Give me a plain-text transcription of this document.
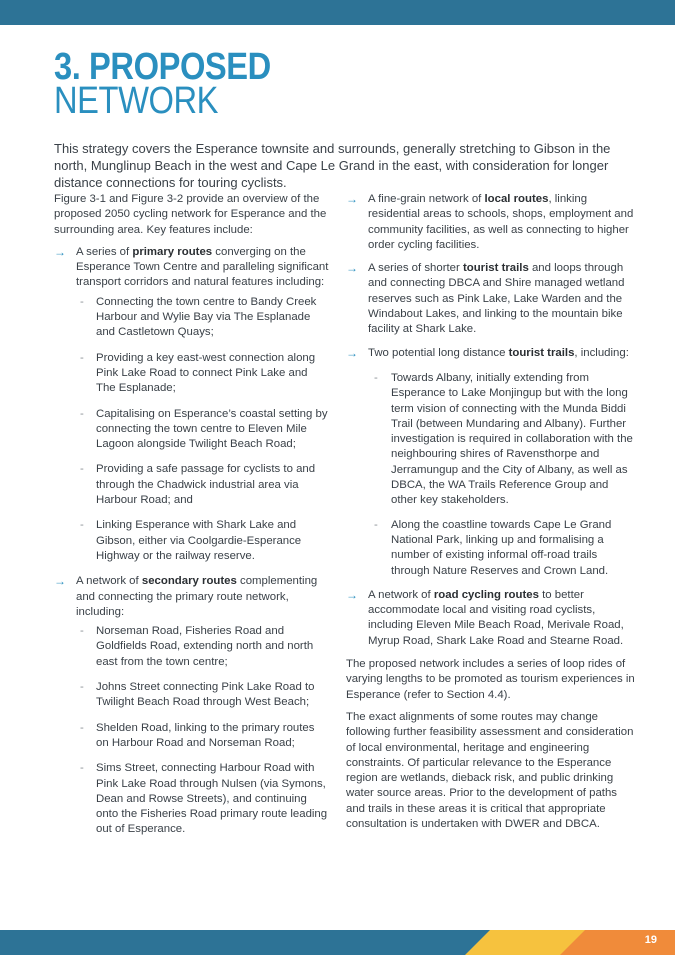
3. PROPOSED
NETWORK

This strategy covers the Esperance townsite and surrounds, generally stretching to Gibson in the north, Munglinup Beach in the west and Cape Le Grand in the east, with consideration for longer distance connections for touring cyclists.

Figure 3-1 and Figure 3-2 provide an overview of the proposed 2050 cycling network for Esperance and the surrounding area. Key features include:

→ A series of primary routes converging on the Esperance Town Centre and paralleling significant transport corridors and natural features including:
- Connecting the town centre to Bandy Creek Harbour and Wylie Bay via The Esplanade and Castletown Quays;
- Providing a key east-west connection along Pink Lake Road to connect Pink Lake and The Esplanade;
- Capitalising on Esperance’s coastal setting by connecting the town centre to Eleven Mile Lagoon alongside Twilight Beach Road;
- Providing a safe passage for cyclists to and through the Chadwick industrial area via Harbour Road; and
- Linking Esperance with Shark Lake and Gibson, either via Coolgardie-Esperance Highway or the railway reserve.
→ A network of secondary routes complementing and connecting the primary route network, including:
- Norseman Road, Fisheries Road and Goldfields Road, extending north and north east from the town centre;
- Johns Street connecting Pink Lake Road to Twilight Beach Road through West Beach;
- Shelden Road, linking to the primary routes on Harbour Road and Norseman Road;
- Sims Street, connecting Harbour Road with Pink Lake Road through Nulsen (via Symons, Dean and Rowse Streets), and continuing onto the Fisheries Road primary route leading out of Esperance.
→ A fine-grain network of local routes, linking residential areas to schools, shops, employment and community facilities, as well as connecting to higher order cycling facilities.
→ A series of shorter tourist trails and loops through and connecting DBCA and Shire managed wetland reserves such as Pink Lake, Lake Warden and the Windabout Lakes, and linking to the mountain bike facility at Shark Lake.
→ Two potential long distance tourist trails, including:
- Towards Albany, initially extending from Esperance to Lake Monjingup but with the long term vision of connecting with the Munda Biddi Trail (between Mundaring and Albany). Further investigation is required in collaboration with the neighbouring shires of Ravensthorpe and Jerramungup and the City of Albany, as well as DBCA, the WA Trails Reference Group and other key stakeholders.
- Along the coastline towards Cape Le Grand National Park, linking up and formalising a number of existing informal off-road trails through Nature Reserves and Crown Land.
→ A network of road cycling routes to better accommodate local and visiting road cyclists, including Eleven Mile Beach Road, Merivale Road, Myrup Road, Shark Lake Road and Stearne Road.

The proposed network includes a series of loop rides of varying lengths to be promoted as tourism experiences in Esperance (refer to Section 4.4).

The exact alignments of some routes may change following further feasibility assessment and consideration of local environmental, heritage and engineering constraints. Of particular relevance to the Esperance region are wetlands, dieback risk, and public drinking water source areas. Prior to the development of paths and trails in these areas it is critical that appropriate consultation is undertaken with DWER and DBCA.

19
